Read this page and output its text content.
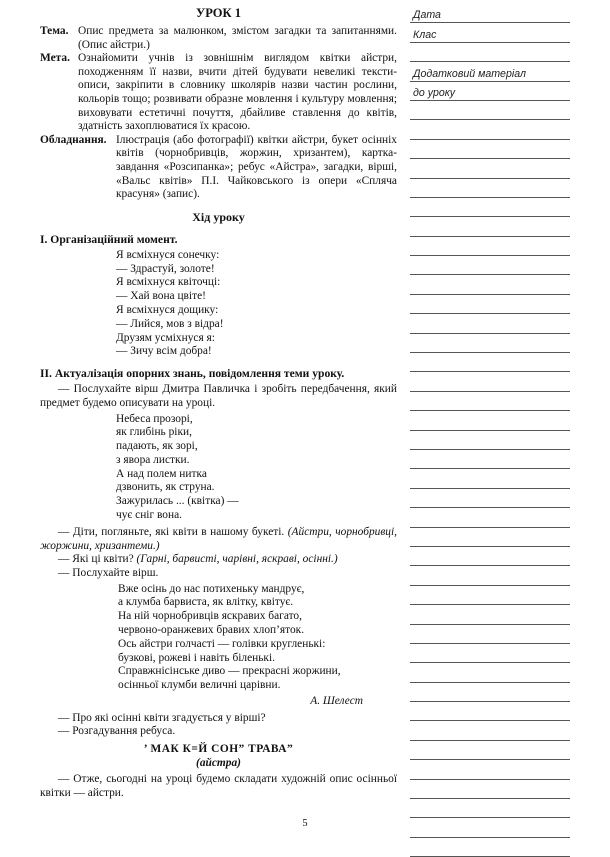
УРОК 1
Тема. Опис предмета за малюнком, змістом загадки та запитаннями. (Опис айстри.)
Мета. Ознайомити учнів із зовнішнім виглядом квітки айстри, походженням її назви, вчити дітей будувати невеликі тексти-описи, закріпити в словнику школярів назви частин рослини, кольорів тощо; розвивати образне мовлення і культуру мовлення; виховувати естетичні почуття, дбайливе ставлення до квітів, здатність захоплюватися їх красою.
Обладнання. Ілюстрація (або фотографії) квітки айстри, букет осінніх квітів (чорнобривців, жоржин, хризантем), картка-завдання «Розсипанка»; ребус «Айстра», загадки, вірші, «Вальс квітів» П.І. Чайковського із опери «Спляча красуня» (запис).
Хід уроку
I. Організаційний момент.
Я всміхнуся сонечку:
— Здрастуй, золоте!
Я всміхнуся квіточці:
— Хай вона цвіте!
Я всміхнуся дощику:
— Лийся, мов з відра!
Друзям усміхнуся я:
— Зичу всім добра!
II. Актуалізація опорних знань, повідомлення теми уроку.

— Послухайте вірш Дмитра Павличка і зробіть передбачення, який предмет будемо описувати на уроці.

Небеса прозорі,
як глибінь ріки,
падають, як зорі,
з явора листки.
А над полем нитка
дзвонить, як струна.
Зажурилась ... (квітка) —
чує сніг вона.

— Діти, погляньте, які квіти в нашому букеті. (Айстри, чорнобривці, жоржини, хризантеми.)

— Які ці квіти? (Гарні, барвисті, чарівні, яскраві, осінні.)

— Послухайте вірш.

Вже осінь до нас потихеньку мандрує,
а клумба барвиста, як влітку, квітує.
На ній чорнобривців яскравих багато,
червоно-оранжевих бравих хлоп’яток.
Ось айстри голчасті — голівки кругленькі:
бузкові, рожеві і навіть біленькі.
Справжнісінське диво — прекрасні жоржини,
осінньої клумби величні царівни.
А. Шелест

— Про які осінні квіти згадується у вірші?

— Розгадування ребуса.

’ МАК К=Й СОН” ТРАВА”
(айстра)

— Отже, сьогодні на уроці будемо складати художній опис осінньої квітки — айстри.

Дата
Клас
Додатковий матеріал
до уроку
5
